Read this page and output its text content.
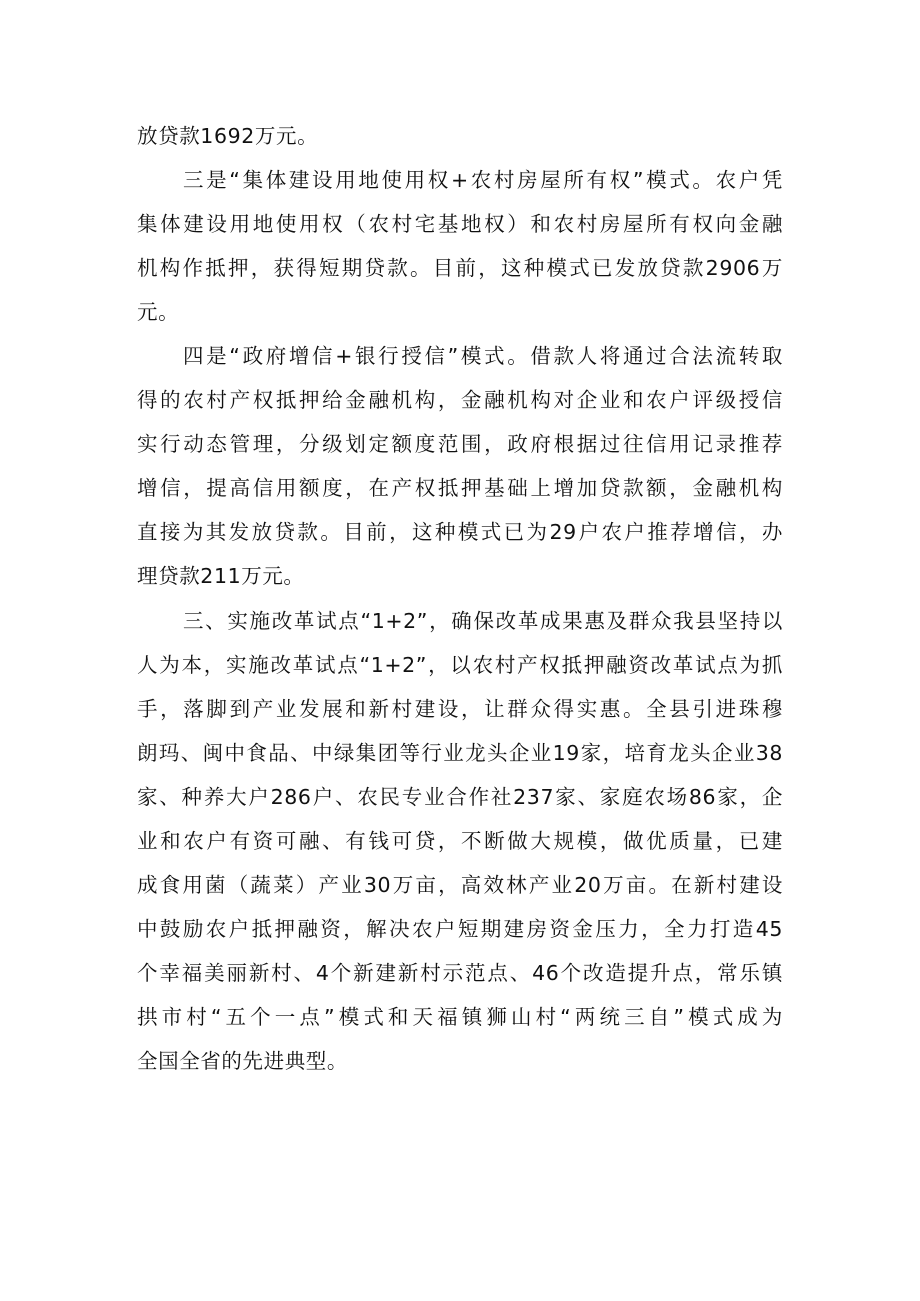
放贷款1692万元。
三是“集体建设用地使用权+农村房屋所有权”模式。农户凭
集体建设用地使用权（农村宅基地权）和农村房屋所有权向金融
机构作抵押，获得短期贷款。目前，这种模式已发放贷款2906万
元。
四是“政府增信+银行授信”模式。借款人将通过合法流转取
得的农村产权抵押给金融机构，金融机构对企业和农户评级授信
实行动态管理，分级划定额度范围，政府根据过往信用记录推荐
增信，提高信用额度，在产权抵押基础上增加贷款额，金融机构
直接为其发放贷款。目前，这种模式已为29户农户推荐增信，办
理贷款211万元。
三、实施改革试点“1+2”，确保改革成果惠及群众我县坚持以
人为本，实施改革试点“1+2”，以农村产权抵押融资改革试点为抓
手，落脚到产业发展和新村建设，让群众得实惠。全县引进珠穆
朗玛、闽中食品、中绿集团等行业龙头企业19家，培育龙头企业38
家、种养大户286户、农民专业合作社237家、家庭农场86家，企
业和农户有资可融、有钱可贷，不断做大规模，做优质量，已建
成食用菌（蔬菜）产业30万亩，高效林产业20万亩。在新村建设
中鼓励农户抵押融资，解决农户短期建房资金压力，全力打造45
个幸福美丽新村、4个新建新村示范点、46个改造提升点，常乐镇
拱市村“五个一点”模式和天福镇狮山村“两统三自”模式成为
全国全省的先进典型。
